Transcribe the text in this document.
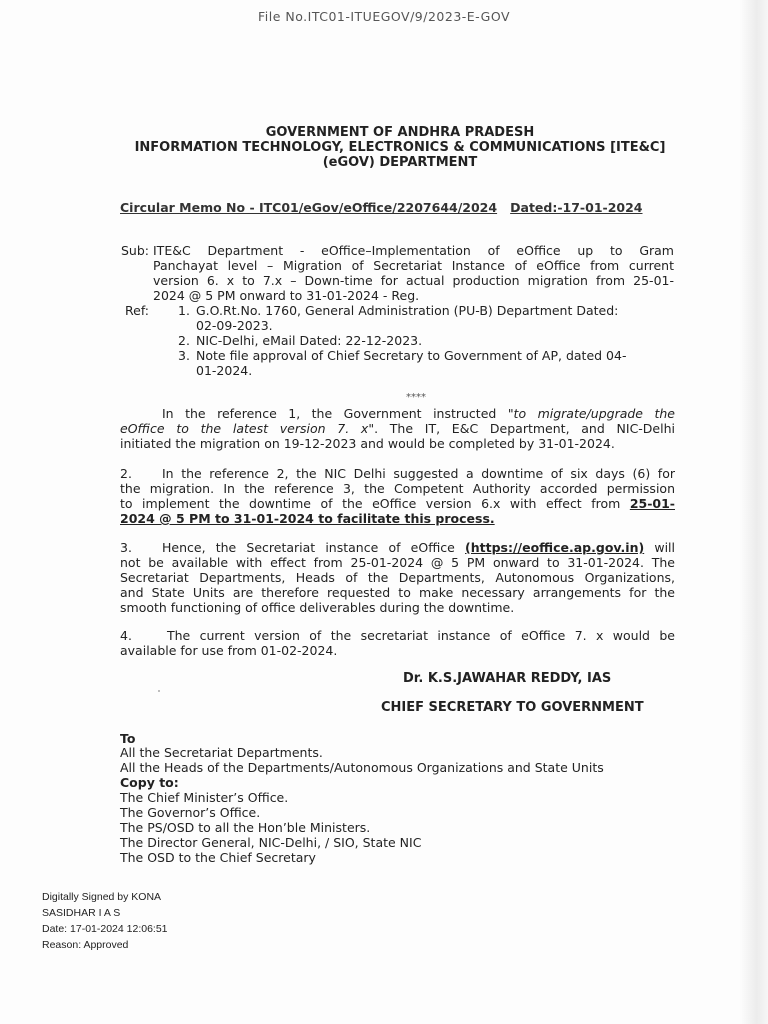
File No.ITC01-ITUEGOV/9/2023-E-GOV
GOVERNMENT OF ANDHRA PRADESH
INFORMATION TECHNOLOGY, ELECTRONICS & COMMUNICATIONS [ITE&C]
(eGOV) DEPARTMENT
Circular Memo No - ITC01/eGov/eOffice/2207644/2024 Dated:-17-01-2024
Sub: ITE&C Department - eOffice–Implementation of eOffice up to Gram
Panchayat level – Migration of Secretariat Instance of eOffice from current
version 6. x to 7.x – Down-time for actual production migration from 25-01-
2024 @ 5 PM onward to 31-01-2024 - Reg.
Ref: 1. G.O.Rt.No. 1760, General Administration (PU-B) Department Dated:
02-09-2023.
2. NIC-Delhi, eMail Dated: 22-12-2023.
3. Note file approval of Chief Secretary to Government of AP, dated 04-
01-2024.
****
In the reference 1, the Government instructed "to migrate/upgrade the
eOffice to the latest version 7. x". The IT, E&C Department, and NIC-Delhi
initiated the migration on 19-12-2023 and would be completed by 31-01-2024.
2. In the reference 2, the NIC Delhi suggested a downtime of six days (6) for
the migration. In the reference 3, the Competent Authority accorded permission
to implement the downtime of the eOffice version 6.x with effect from 25-01-
2024 @ 5 PM to 31-01-2024 to facilitate this process.
3. Hence, the Secretariat instance of eOffice (https://eoffice.ap.gov.in) will
not be available with effect from 25-01-2024 @ 5 PM onward to 31-01-2024. The
Secretariat Departments, Heads of the Departments, Autonomous Organizations,
and State Units are therefore requested to make necessary arrangements for the
smooth functioning of office deliverables during the downtime.
4.	The current version of the secretariat instance of eOffice 7. x would be
available for use from 01-02-2024.
Dr. K.S.JAWAHAR REDDY, IAS
CHIEF SECRETARY TO GOVERNMENT
To
All the Secretariat Departments.
All the Heads of the Departments/Autonomous Organizations and State Units
Copy to:
The Chief Minister’s Office.
The Governor’s Office.
The PS/OSD to all the Hon’ble Ministers.
The Director General, NIC-Delhi, / SIO, State NIC
The OSD to the Chief Secretary
Digitally Signed by KONA
SASIDHAR I A S
Date: 17-01-2024 12:06:51
Reason: Approved
